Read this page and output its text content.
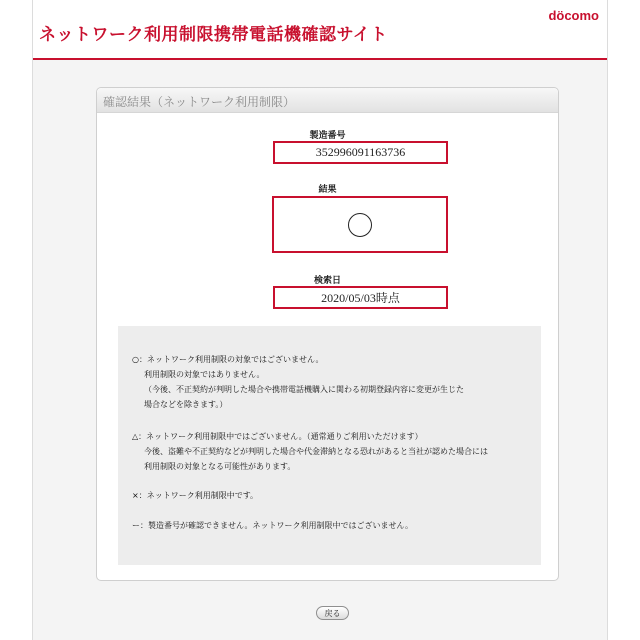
ネットワーク利用制限携帯電話機確認サイト
döcomo
確認結果（ネットワーク利用制限）
製造番号
352996091163736
結果
検索日
2020/05/03時点
○：ネットワーク利用制限の対象ではございません。
利用制限の対象ではありません。
（今後、不正契約が判明した場合や携帯電話機購入に関わる初期登録内容に変更が生じた
場合などを除きます。）
△：ネットワーク利用制限中ではございません。（通常通りご利用いただけます）
今後、盗難や不正契約などが判明した場合や代金滞納となる恐れがあると当社が認めた場合には
利用制限の対象となる可能性があります。
×：ネットワーク利用制限中です。
ー：製造番号が確認できません。ネットワーク利用制限中ではございません。
戻る
